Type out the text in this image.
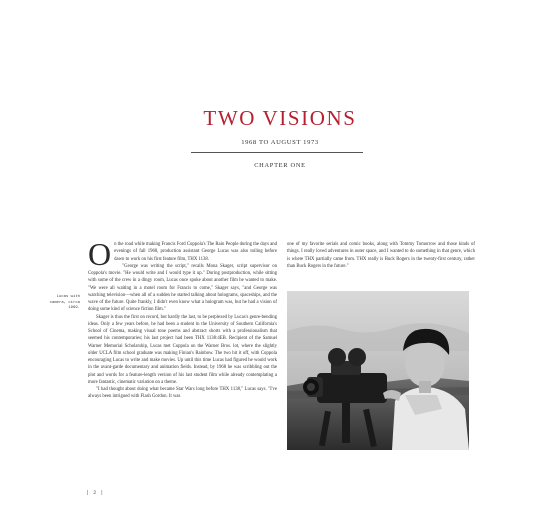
TWO VISIONS
1968 TO AUGUST 1973
CHAPTER ONE
Lucas with camera, circa 1969.
O n the road while making Francis Ford Coppola's The Rain People during the days and evenings of fall 1968, production assistant George Lucas was also toiling before dawn to work on his first feature film, THX 1138.

"George was writing the script," recalls Mona Skager, script supervisor on Coppola's movie. "He would write and I would type it up." During postproduction, while sitting with some of the crew in a dingy room, Lucas once spoke about another film he wanted to make. "We were all waiting in a motel room for Francis to come," Skager says, "and George was watching television—when all of a sudden he started talking about holograms, spaceships, and the wave of the future. Quite frankly, I didn't even know what a hologram was, but he had a vision of doing some kind of science fiction film."

Skager is thus the first on record, but hardly the last, to be perplexed by Lucas's genre-bending ideas. Only a few years before, he had been a student in the University of Southern California's School of Cinema, making visual tone poems and abstract shorts with a professionalism that seemed his contemporaries; his last project had been THX 1138:4EB. Recipient of the Samuel Warner Memorial Scholarship, Lucas met Coppola on the Warner Bros. lot, where the slightly older UCLA film school graduate was making Finian's Rainbow. The two hit it off, with Coppola encouraging Lucas to write and make movies. Up until this time Lucas had figured he would work in the avant-garde documentary and animation fields. Instead, by 1968 he was scribbling out the plot and words for a feature-length version of his last student film while already contemplating a more fantastic, cinematic variation on a theme.

"I had thought about doing what became Star Wars long before THX 1138," Lucas says. "I've always been intrigued with Flash Gordon. It was

one of my favorite serials and comic books, along with Tommy Tomorrow and those kinds of things. I really loved adventures in outer space, and I wanted to do something in that genre, which is where THX partially came from. THX really is Buck Rogers in the twenty-first century, rather than Buck Rogers in the future."

| 2 |
